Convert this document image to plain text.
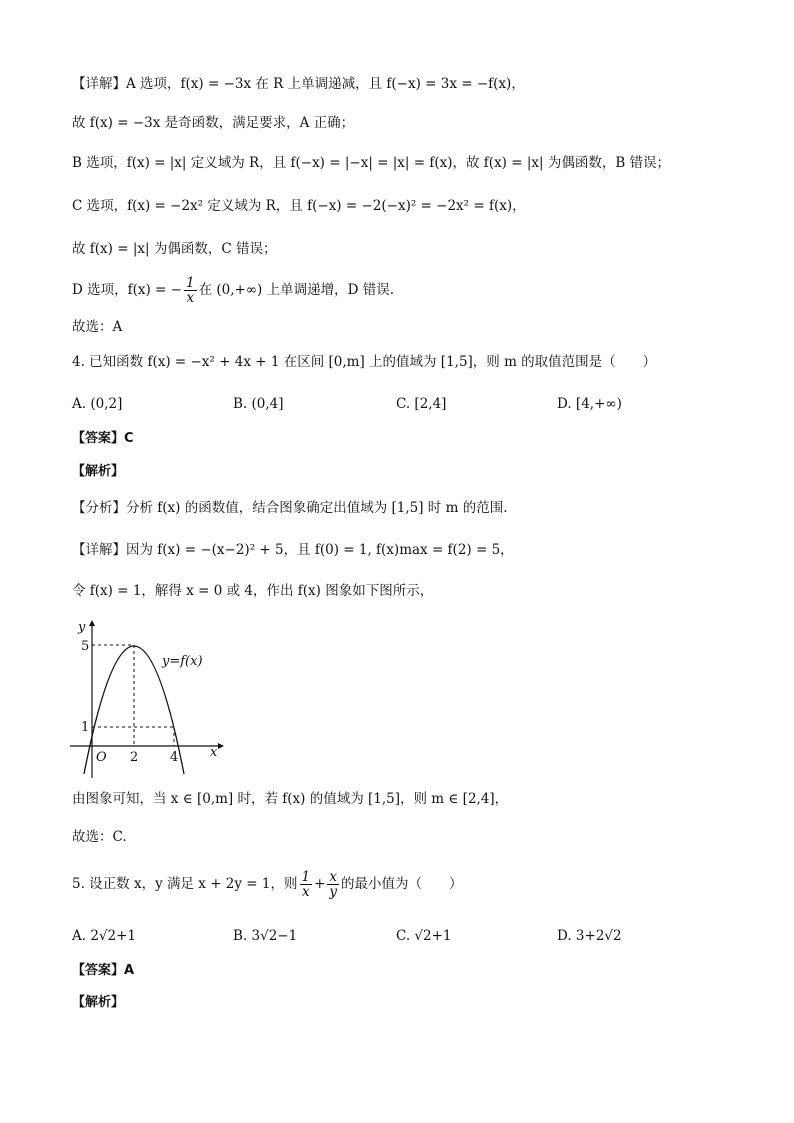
【详解】A 选项，f(x) = −3x 在 R 上单调递减，且 f(−x) = 3x = −f(x)，
故 f(x) = −3x 是奇函数，满足要求，A 正确；
B 选项，f(x) = |x| 定义域为 R，且 f(−x) = |−x| = |x| = f(x)，故 f(x) = |x| 为偶函数，B 错误；
C 选项，f(x) = −2x² 定义域为 R，且 f(−x) = −2(−x)² = −2x² = f(x)，
故 f(x) = |x| 为偶函数，C 错误；
D 选项，f(x) = − $\frac{1}{x}$ 在 (0,+∞) 上单调递增，D 错误.
故选：A
4. 已知函数 f(x) = −x² + 4x + 1 在区间 [0,m] 上的值域为 [1,5]，则 m 的取值范围是（　　）
A. (0,2]	B. (0,4]	C. [2,4]	D. [4,+∞)
【答案】C
【解析】
【分析】分析 f(x) 的函数值，结合图象确定出值域为 [1,5] 时 m 的范围.
【详解】因为 f(x) = −(x−2)² + 5，且 f(0) = 1, f(x)max = f(2) = 5，
令 f(x) = 1，解得 x = 0 或 4，作出 f(x) 图象如下图所示，
y
x
5
1
O 2 4
y=f(x)
由图象可知，当 x ∈ [0,m] 时，若 f(x) 的值域为 [1,5]，则 m ∈ [2,4]，
故选：C.
5. 设正数 x，y 满足 x + 2y = 1，则 $\frac{1}{x} + \frac{x}{y}$ 的最小值为（　　）
A. 2√2+1	B. 3√2−1	C. √2+1	D. 3+2√2
【答案】A
【解析】
